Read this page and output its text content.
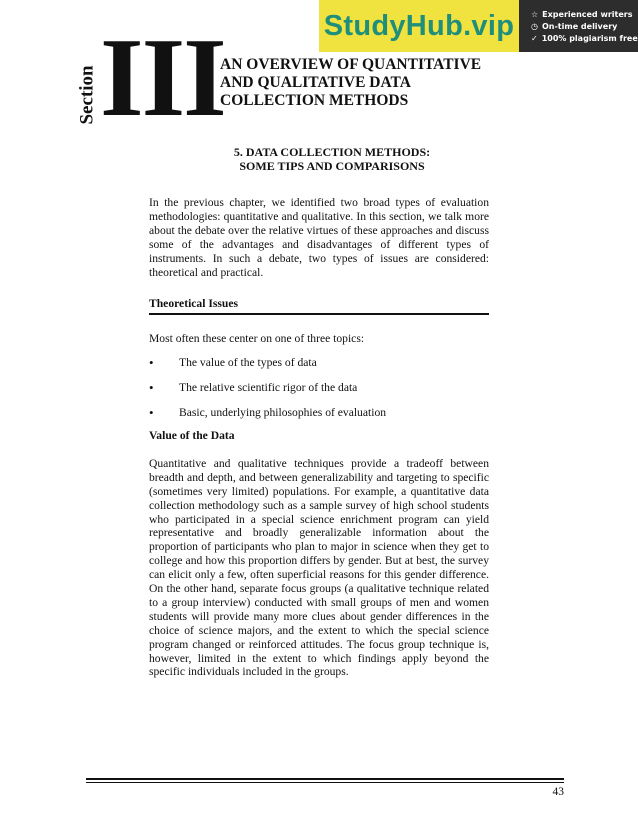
StudyHub.vip ☆ Experienced writers
◷ On-time delivery
✓ 100% plagiarism free
Section III
AN OVERVIEW OF QUANTITATIVE
AND QUALITATIVE DATA
COLLECTION METHODS
5. DATA COLLECTION METHODS:
SOME TIPS AND COMPARISONS

In the previous chapter, we identified two broad types of evaluation methodologies: quantitative and qualitative. In this section, we talk more about the debate over the relative virtues of these approaches and discuss some of the advantages and disadvantages of different types of instruments. In such a debate, two types of issues are considered: theoretical and practical.

Theoretical Issues

Most often these center on one of three topics:

•
The value of the types of data
•
The relative scientific rigor of the data
•
Basic, underlying philosophies of evaluation
Value of the Data

Quantitative and qualitative techniques provide a tradeoff between breadth and depth, and between generalizability and targeting to specific (sometimes very limited) populations. For example, a quantitative data collection methodology such as a sample survey of high school students who participated in a special science enrichment program can yield representative and broadly generalizable information about the proportion of participants who plan to major in science when they get to college and how this proportion differs by gender. But at best, the survey can elicit only a few, often superficial reasons for this gender difference. On the other hand, separate focus groups (a qualitative technique related to a group interview) conducted with small groups of men and women students will provide many more clues about gender differences in the choice of science majors, and the extent to which the special science program changed or reinforced attitudes. The focus group technique is, however, limited in the extent to which findings apply beyond the specific individuals included in the groups.

43
